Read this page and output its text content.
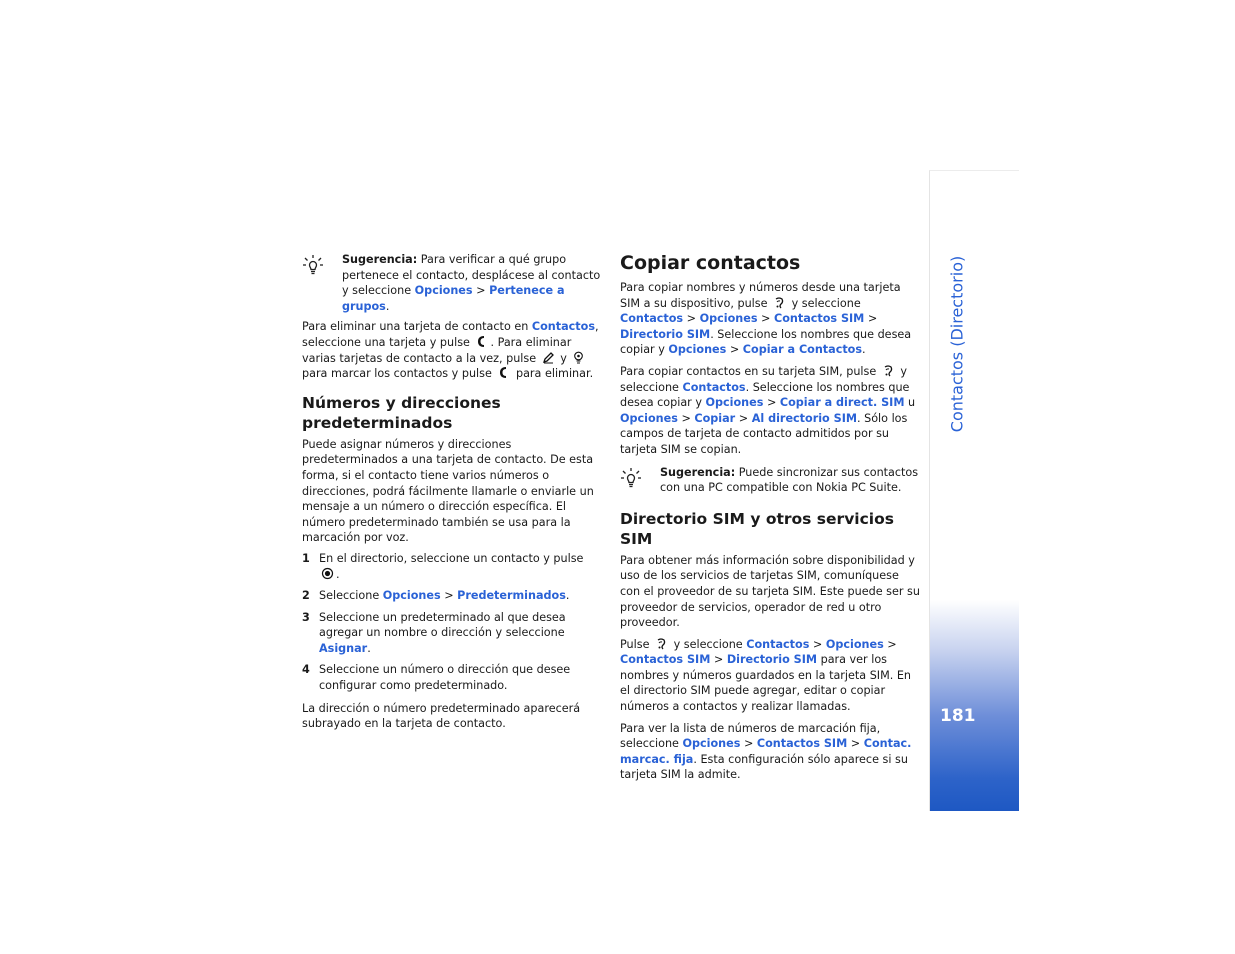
Sugerencia: Para verificar a qué grupo pertenece el contacto, desplácese al contacto y seleccione Opciones > Pertenece a grupos.

Para eliminar una tarjeta de contacto en Contactos, seleccione una tarjeta y pulse . Para eliminar varias tarjetas de contacto a la vez, pulse  y  para marcar los contactos y pulse  para eliminar.

Números y direcciones predeterminados

Puede asignar números y direcciones predeterminados a una tarjeta de contacto. De esta forma, si el contacto tiene varios números o direcciones, podrá fácilmente llamarle o enviarle un mensaje a un número o dirección específica. El número predeterminado también se usa para la marcación por voz.

1 En el directorio, seleccione un contacto y pulse .
2 Seleccione Opciones > Predeterminados.
3 Seleccione un predeterminado al que desea agregar un nombre o dirección y seleccione Asignar.
4 Seleccione un número o dirección que desee configurar como predeterminado.

La dirección o número predeterminado aparecerá subrayado en la tarjeta de contacto.

Copiar contactos

Para copiar nombres y números desde una tarjeta SIM a su dispositivo, pulse  y seleccione Contactos > Opciones > Contactos SIM > Directorio SIM. Seleccione los nombres que desea copiar y Opciones > Copiar a Contactos.

Para copiar contactos en su tarjeta SIM, pulse  y seleccione Contactos. Seleccione los nombres que desea copiar y Opciones > Copiar a direct. SIM u Opciones > Copiar > Al directorio SIM. Sólo los campos de tarjeta de contacto admitidos por su tarjeta SIM se copian.

Sugerencia: Puede sincronizar sus contactos con una PC compatible con Nokia PC Suite.

Directorio SIM y otros servicios SIM

Para obtener más información sobre disponibilidad y uso de los servicios de tarjetas SIM, comuníquese con el proveedor de su tarjeta SIM. Este puede ser su proveedor de servicios, operador de red u otro proveedor.

Pulse  y seleccione Contactos > Opciones > Contactos SIM > Directorio SIM para ver los nombres y números guardados en la tarjeta SIM. En el directorio SIM puede agregar, editar o copiar números a contactos y realizar llamadas.

Para ver la lista de números de marcación fija, seleccione Opciones > Contactos SIM > Contac. marcac. fija. Esta configuración sólo aparece si su tarjeta SIM la admite.

Contactos (Directorio)
181
